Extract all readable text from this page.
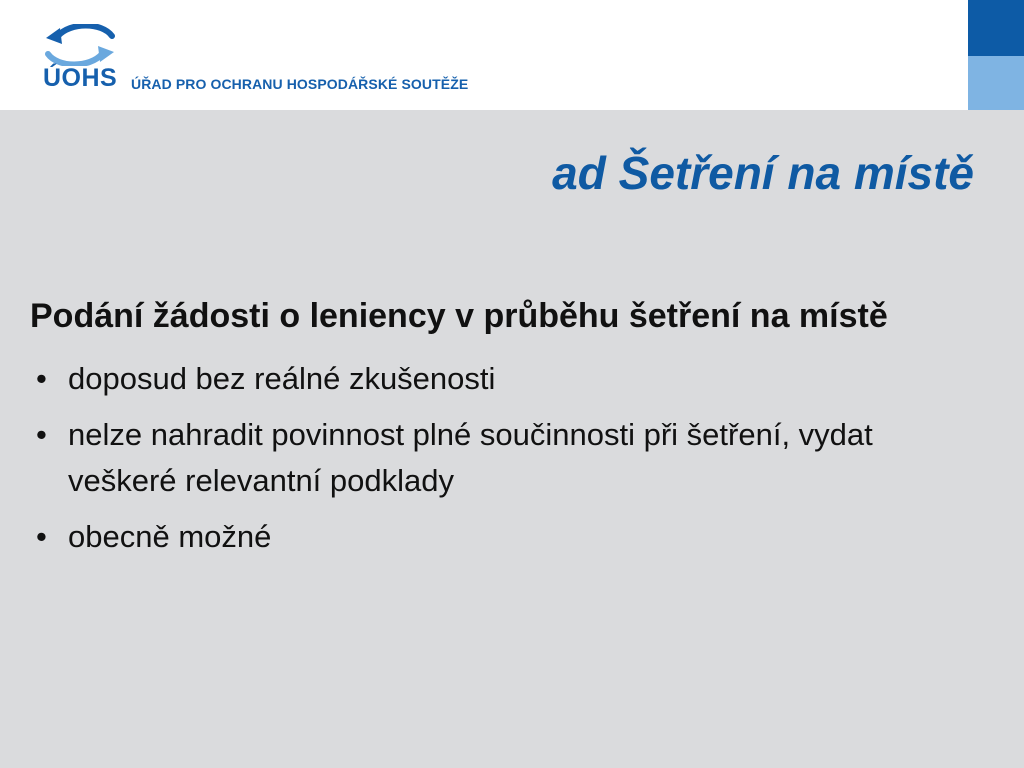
ÚOHS ÚŘAD PRO OCHRANU HOSPODÁŘSKÉ SOUTĚŽE
ad Šetření na místě

Podání žádosti o leniency v průběhu šetření na místě

• doposud bez reálné zkušenosti
• nelze nahradit povinnost plné součinnosti při šetření, vydat veškeré relevantní podklady
• obecně možné
